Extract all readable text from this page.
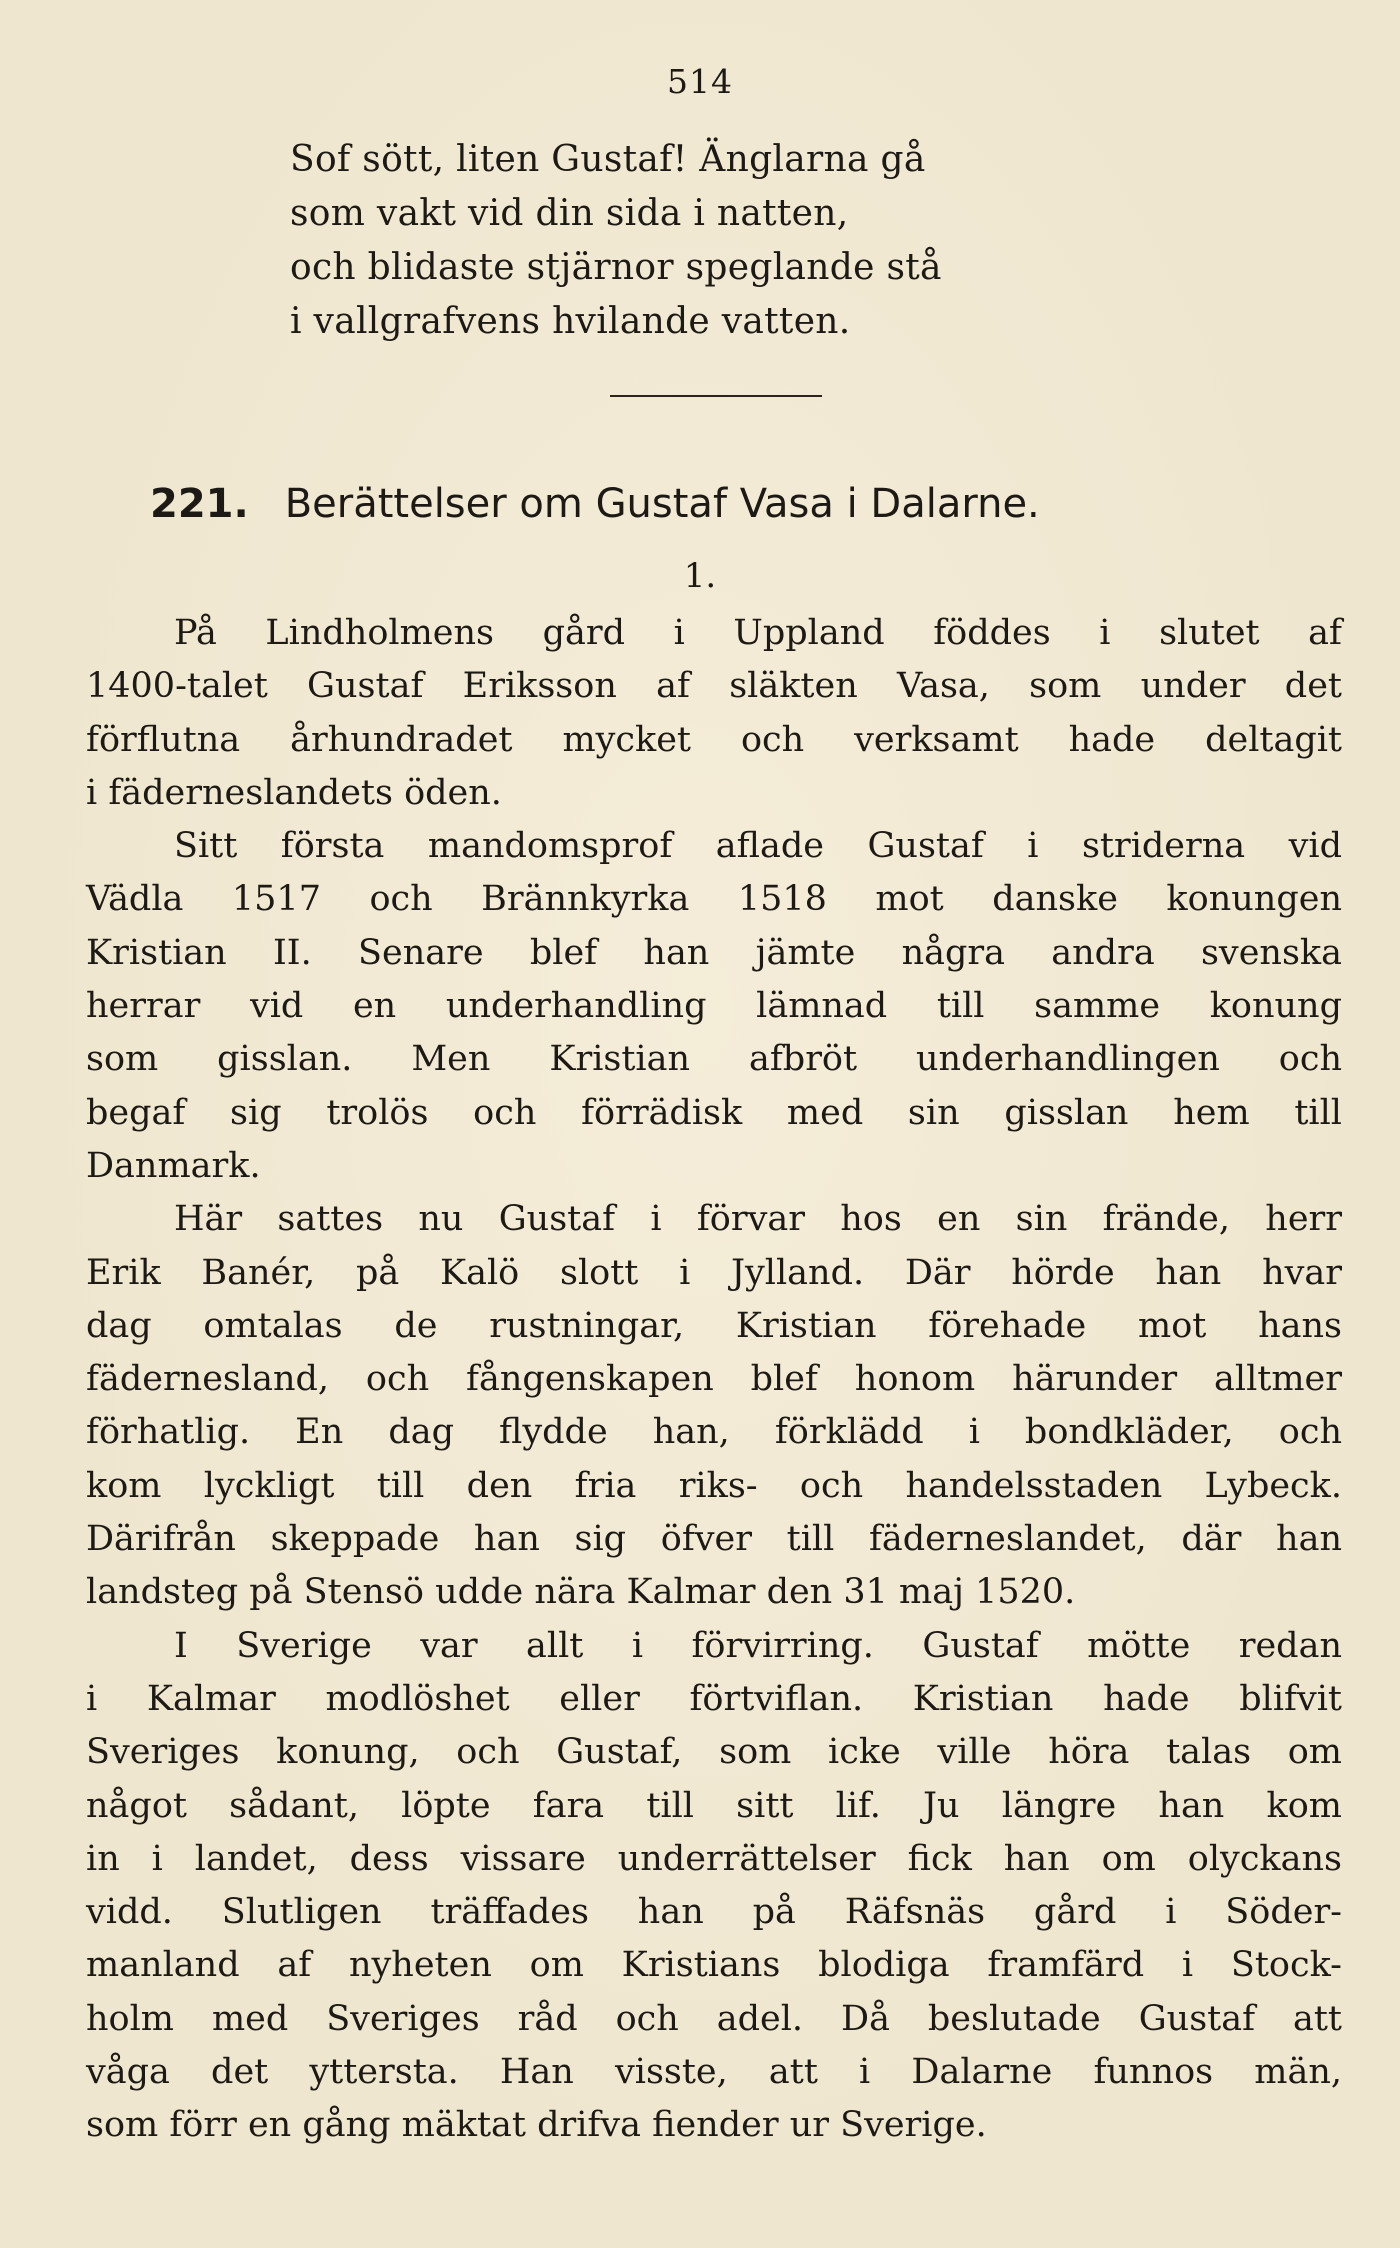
514
Sof sött, liten Gustaf! Änglarna gå
som vakt vid din sida i natten,
och blidaste stjärnor speglande stå
i vallgrafvens hvilande vatten.
221. Berättelser om Gustaf Vasa i Dalarne.
1.
På Lindholmens gård i Uppland föddes i slutet af
1400-talet Gustaf Eriksson af släkten Vasa, som under det
förflutna århundradet mycket och verksamt hade deltagit
i fäderneslandets öden.
Sitt första mandomsprof aflade Gustaf i striderna vid
Vädla 1517 och Brännkyrka 1518 mot danske konungen
Kristian II. Senare blef han jämte några andra svenska
herrar vid en underhandling lämnad till samme konung
som gisslan. Men Kristian afbröt underhandlingen och
begaf sig trolös och förrädisk med sin gisslan hem till
Danmark.
Här sattes nu Gustaf i förvar hos en sin frände, herr
Erik Banér, på Kalö slott i Jylland. Där hörde han hvar
dag omtalas de rustningar, Kristian förehade mot hans
fädernesland, och fångenskapen blef honom härunder alltmer
förhatlig. En dag flydde han, förklädd i bondkläder, och
kom lyckligt till den fria riks- och handelsstaden Lybeck.
Därifrån skeppade han sig öfver till fäderneslandet, där han
landsteg på Stensö udde nära Kalmar den 31 maj 1520.
I Sverige var allt i förvirring. Gustaf mötte redan
i Kalmar modlöshet eller förtviflan. Kristian hade blifvit
Sveriges konung, och Gustaf, som icke ville höra talas om
något sådant, löpte fara till sitt lif. Ju längre han kom
in i landet, dess vissare underrättelser fick han om olyckans
vidd. Slutligen träffades han på Räfsnäs gård i Söder-
manland af nyheten om Kristians blodiga framfärd i Stock-
holm med Sveriges råd och adel. Då beslutade Gustaf att
våga det yttersta. Han visste, att i Dalarne funnos män,
som förr en gång mäktat drifva fiender ur Sverige.
